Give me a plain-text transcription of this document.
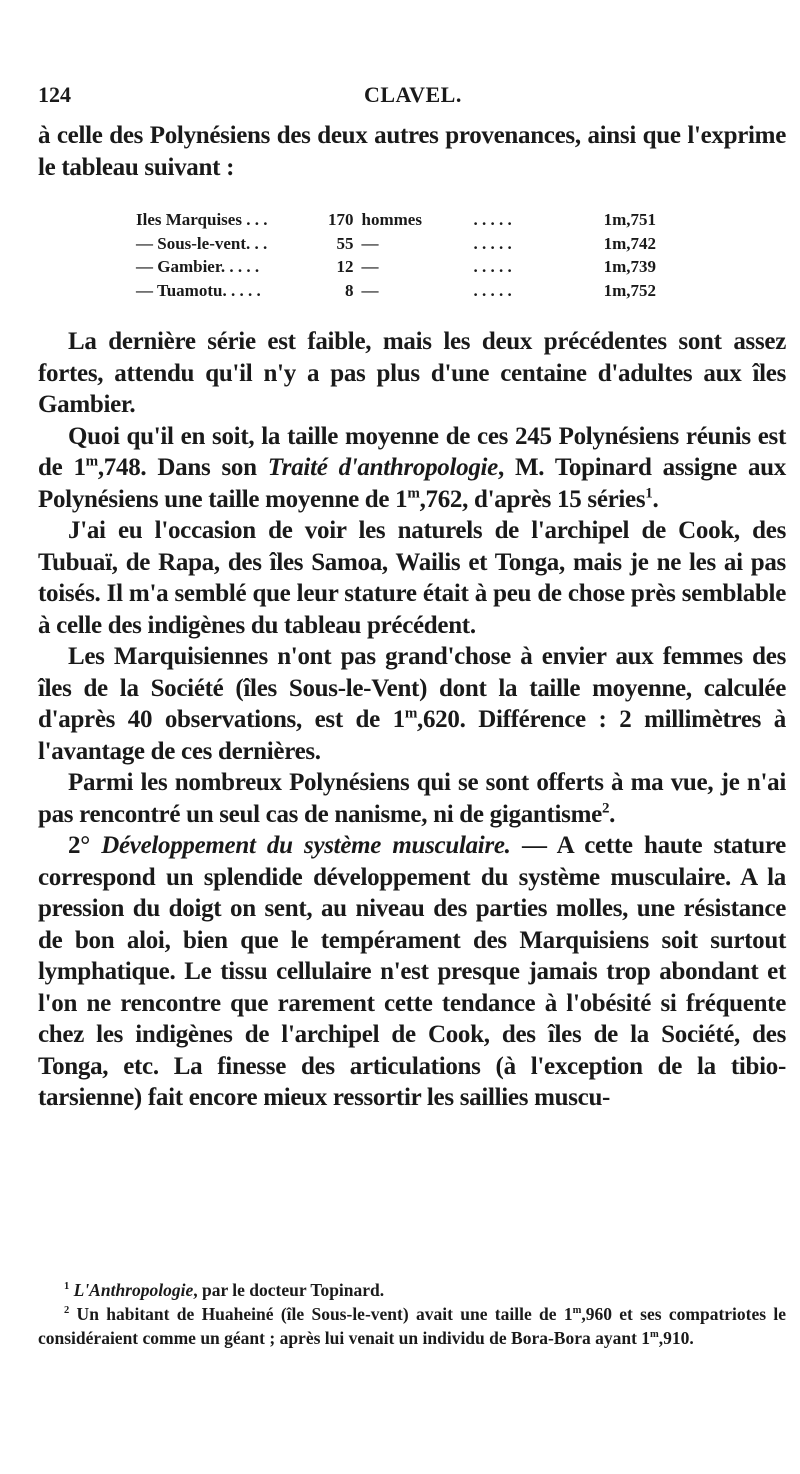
124	CLAVEL.

à celle des Polynésiens des deux autres provenances, ainsi que l'exprime le tableau suivant :

La dernière série est faible, mais les deux précédentes sont assez fortes, attendu qu'il n'y a pas plus d'une centaine d'adultes aux îles Gambier.

Quoi qu'il en soit, la taille moyenne de ces 245 Polynésiens réunis est de 1$^m$,748. Dans son Traité d'anthropologie, M. Topinard assigne aux Polynésiens une taille moyenne de 1$^m$,762, d'après 15 séries$^1$.

J'ai eu l'occasion de voir les naturels de l'archipel de Cook, des Tubuaï, de Rapa, des îles Samoa, Wailis et Tonga, mais je ne les ai pas toisés. Il m'a semblé que leur stature était à peu de chose près semblable à celle des indigènes du tableau précédent.

Les Marquisiennes n'ont pas grand'chose à envier aux femmes des îles de la Société (îles Sous-le-Vent) dont la taille moyenne, calculée d'après 40 observations, est de 1$^m$,620. Différence : 2 millimètres à l'avantage de ces dernières.

Parmi les nombreux Polynésiens qui se sont offerts à ma vue, je n'ai pas rencontré un seul cas de nanisme, ni de gigantisme$^2$.

2° Développement du système musculaire. — A cette haute stature correspond un splendide développement du système musculaire. A la pression du doigt on sent, au niveau des parties molles, une résistance de bon aloi, bien que le tempérament des Marquisiens soit surtout lymphatique. Le tissu cellulaire n'est presque jamais trop abondant et l'on ne rencontre que rarement cette tendance à l'obésité si fréquente chez les indigènes de l'archipel de Cook, des îles de la Société, des Tonga, etc. La finesse des articulations (à l'exception de la tibio-tarsienne) fait encore mieux ressortir les saillies muscu-

Iles Marquises . . .	170	hommes	. . . . .	1m,751
— Sous-le-vent. . .	55	—	. . . . .	1m,742
— Gambier. . . . .	12	—	. . . . .	1m,739
— Tuamotu. . . . .	8	—	. . . . .	1m,752

$^1$ L'Anthropologie, par le docteur Topinard.

$^2$ Un habitant de Huaheiné (île Sous-le-vent) avait une taille de 1$^m$,960 et ses compatriotes le considéraient comme un géant ; après lui venait un individu de Bora-Bora ayant 1$^m$,910.
